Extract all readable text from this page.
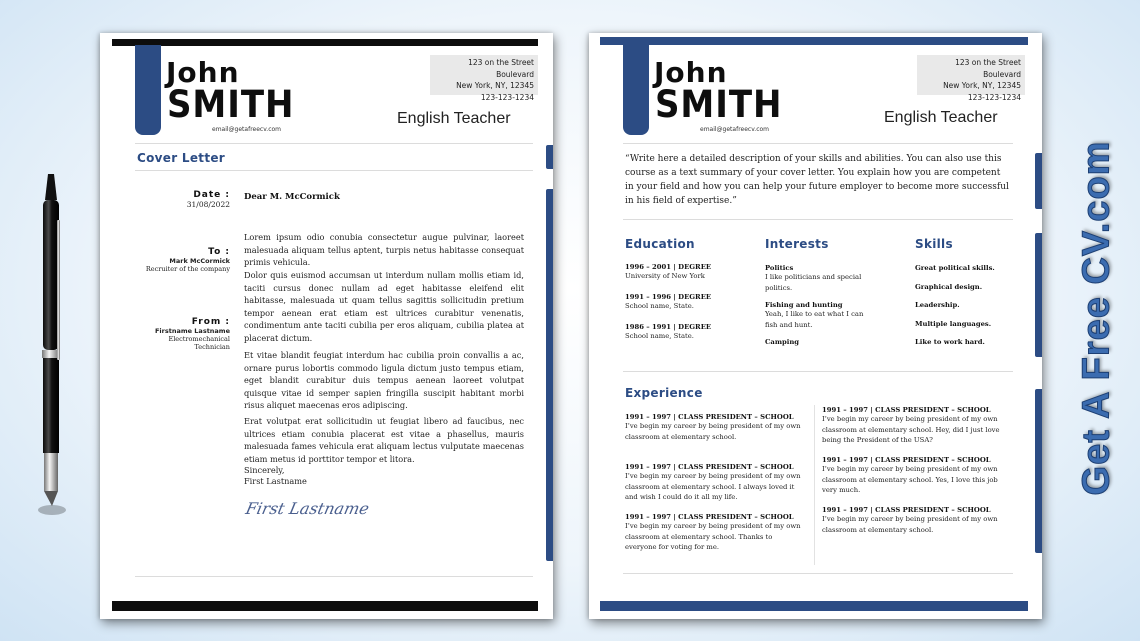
John
SMITH
email@getafreecv.com
123 on the Street Boulevard
New York, NY, 12345
123-123-1234
English Teacher
Cover Letter
Date :
31/08/2022
To :
Mark McCormick
Recruiter of the company
From :
Firstname Lastname
Electromechanical
Technician
Dear M. McCormick
Lorem ipsum odio conubia consectetur augue pulvinar, laoreet malesuada aliquam tellus aptent, turpis netus habitasse consequat primis vehicula.
Dolor quis euismod accumsan ut interdum nullam mollis etiam id, taciti cursus donec nullam ad eget habitasse eleifend elit habitasse, malesuada ut quam tellus sagittis sollicitudin pretium tempor aenean erat etiam est ultrices curabitur venenatis, condimentum ante taciti cubilia per eros aliquam, cubilia platea at placerat dictum.
Et vitae blandit feugiat interdum hac cubilia proin convallis a ac, ornare purus lobortis commodo ligula dictum justo tempus etiam, eget blandit curabitur duis tempus aenean laoreet volutpat quisque vitae id semper sapien fringilla suscipit habitant morbi risus aliquet maecenas eros adipiscing.
Erat volutpat erat sollicitudin ut feugiat libero ad faucibus, nec ultrices etiam conubia placerat est vitae a phasellus, mauris malesuada fames vehicula erat aliquam lectus vulputate maecenas etiam metus id porttitor tempor et litora.
Sincerely,
First Lastname
First Lastname
John
SMITH
email@getafreecv.com
123 on the Street Boulevard
New York, NY, 12345
123-123-1234
English Teacher
“Write here a detailed description of your skills and abilities. You can also use this course as a text summary of your cover letter. You explain how you are competent in your field and how you can help your future employer to become more successful in his field of expertise.”
Education
1996 – 2001 | DEGREE
University of New York
1991 – 1996 | DEGREE
School name, State.
1986 – 1991 | DEGREE
School name, State.
Interests
Politics
I like politicians and special politics.
Fishing and hunting
Yeah, I like to eat what I can fish and hunt.
Camping
Skills
Great political skills.
Graphical design.
Leadership.
Multiple languages.
Like to work hard.
Experience
1991 – 1997 | CLASS PRESIDENT – SCHOOL
I’ve begin my career by being president of my own classroom at elementary school.
1991 – 1997 | CLASS PRESIDENT – SCHOOL
I’ve begin my career by being president of my own classroom at elementary school. I always loved it and wish I could do it all my life.
1991 – 1997 | CLASS PRESIDENT – SCHOOL
I’ve begin my career by being president of my own classroom at elementary school. Thanks to everyone for voting for me.
1991 – 1997 | CLASS PRESIDENT – SCHOOL
I’ve begin my career by being president of my own classroom at elementary school. Hey, did I just love being the President of the USA?
1991 – 1997 | CLASS PRESIDENT – SCHOOL
I’ve begin my career by being president of my own classroom at elementary school. Yes, I love this job very much.
1991 – 1997 | CLASS PRESIDENT – SCHOOL
I’ve begin my career by being president of my own classroom at elementary school.
Get A Free CV.com
